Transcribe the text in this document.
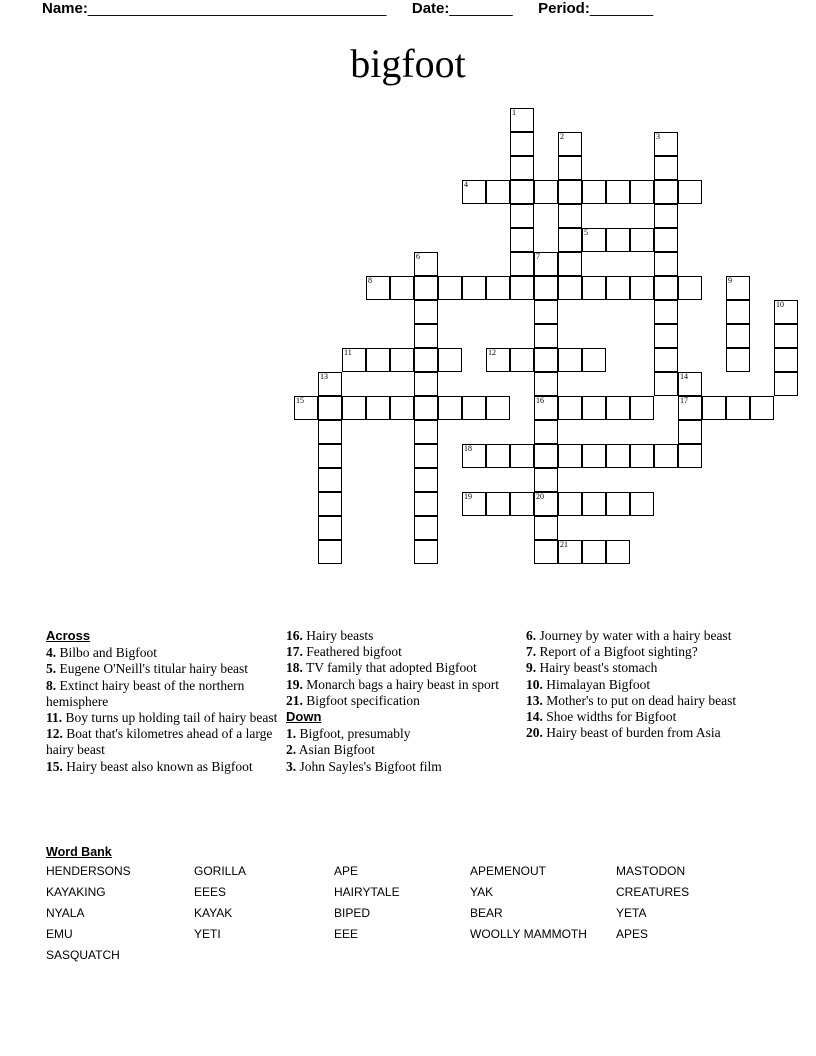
Name: ______________________________________ Date: ________ Period: ________
bigfoot
1
2	3
4
5
6	7
8	9
10
11	12
13	14
15	16	17
18
19	20
21
Across
4. Bilbo and Bigfoot
5. Eugene O'Neill's titular hairy beast
8. Extinct hairy beast of the northern hemisphere
11. Boy turns up holding tail of hairy beast
12. Boat that's kilometres ahead of a large hairy beast
15. Hairy beast also known as Bigfoot
16. Hairy beasts
17. Feathered bigfoot
18. TV family that adopted Bigfoot
19. Monarch bags a hairy beast in sport
21. Bigfoot specification
Down
1. Bigfoot, presumably
2. Asian Bigfoot
3. John Sayles's Bigfoot film
6. Journey by water with a hairy beast
7. Report of a Bigfoot sighting?
9. Hairy beast's stomach
10. Himalayan Bigfoot
13. Mother's to put on dead hairy beast
14. Shoe widths for Bigfoot
20. Hairy beast of burden from Asia
Word Bank
HENDERSONS	GORILLA	APE	APEMENOUT	MASTODON
KAYAKING	EEES	HAIRYTALE	YAK	CREATURES
NYALA	KAYAK	BIPED	BEAR	YETA
EMU	YETI	EEE	WOOLLY MAMMOTH	APES
SASQUATCH
